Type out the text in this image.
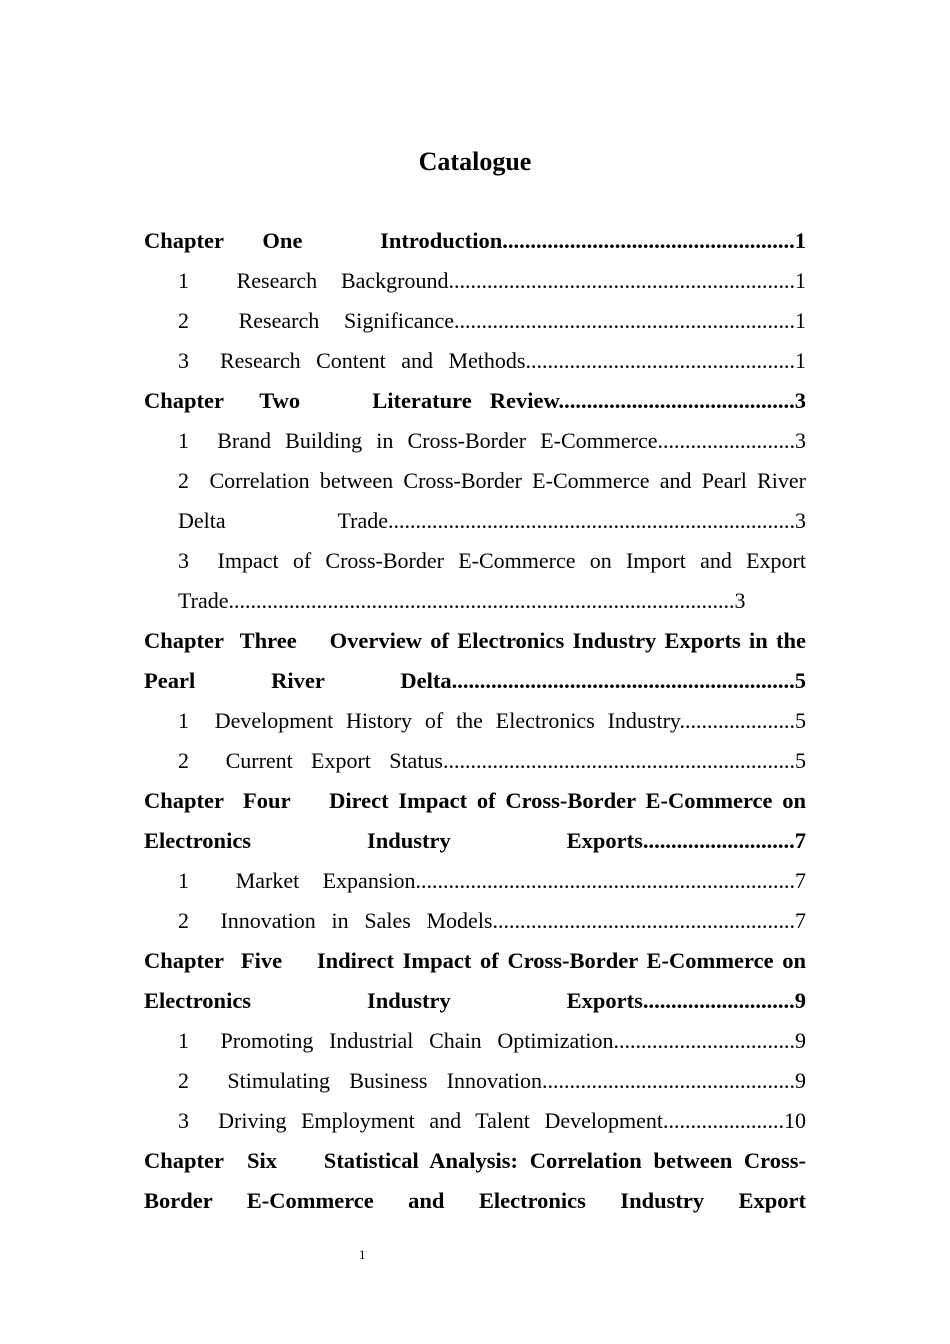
Catalogue
Chapter  One    Introduction....................................................1
1  Research Background...............................................................1
2  Research Significance..............................................................1
3  Research Content and Methods.................................................1
Chapter  Two    Literature Review..........................................3
1  Brand Building in Cross-Border E-Commerce.........................3
2  Correlation between Cross-Border E-Commerce and Pearl River Delta Trade..........................................................................3
3  Impact of Cross-Border E-Commerce on Import and Export Trade............................................................................................3
Chapter  Three    Overview of Electronics Industry Exports in the Pearl River Delta.............................................................5
1  Development History of the Electronics Industry.....................5
2  Current Export Status................................................................5
Chapter  Four    Direct Impact of Cross-Border E-Commerce on Electronics Industry Exports...........................7
1  Market Expansion.....................................................................7
2  Innovation in Sales Models.......................................................7
Chapter  Five    Indirect Impact of Cross-Border E-Commerce on Electronics Industry Exports...........................9
1  Promoting Industrial Chain Optimization.................................9
2  Stimulating Business Innovation..............................................9
3  Driving Employment and Talent Development......................10
Chapter  Six    Statistical Analysis: Correlation between Cross-Border E-Commerce and Electronics Industry Export
1
